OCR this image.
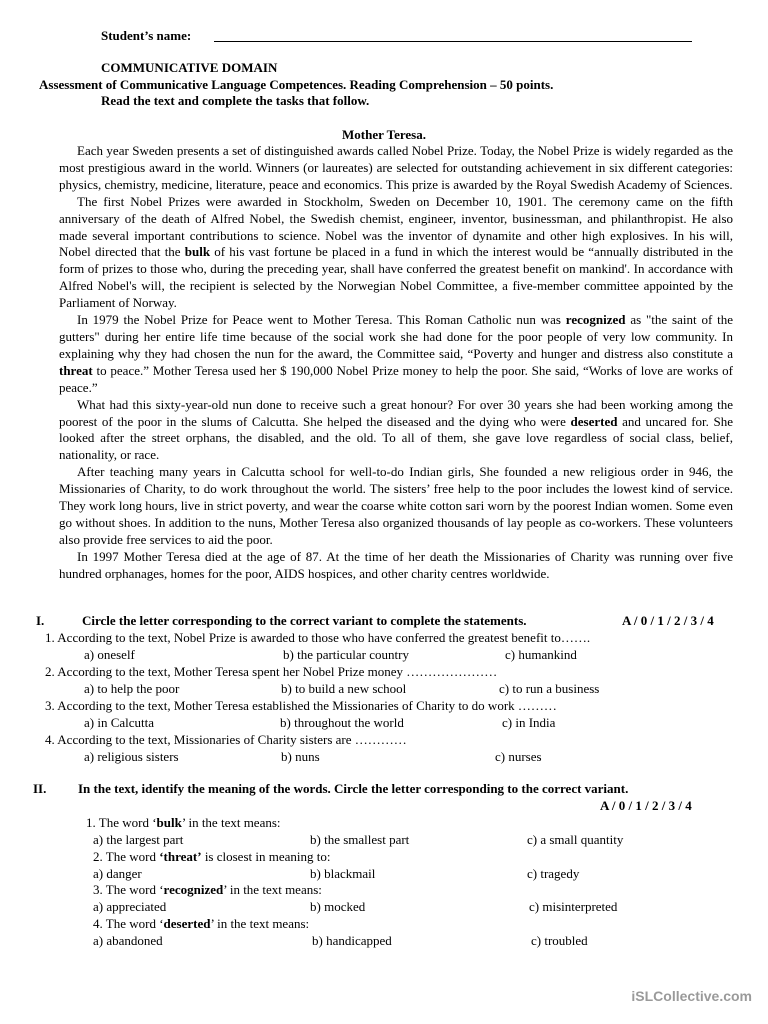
Student’s name:
COMMUNICATIVE DOMAIN
Assessment of Communicative Language Competences. Reading Comprehension – 50 points.
Read the text and complete the tasks that follow.
Mother Teresa.

Each year Sweden presents a set of distinguished awards called Nobel Prize. Today, the Nobel Prize is widely regarded as the most prestigious award in the world. Winners (or laureates) are selected for outstanding achievement in six different categories: physics, chemistry, medicine, literature, peace and economics. This prize is awarded by the Royal Swedish Academy of Sciences.

The first Nobel Prizes were awarded in Stockholm, Sweden on December 10, 1901. The ceremony came on the fifth anniversary of the death of Alfred Nobel, the Swedish chemist, engineer, inventor, businessman, and philanthropist. He also made several important contributions to science. Nobel was the inventor of dynamite and other high explosives. In his will, Nobel directed that the bulk of his vast fortune be placed in a fund in which the interest would be “annually distributed in the form of prizes to those who, during the preceding year, shall have conferred the greatest benefit on mankind'. In accordance with Alfred Nobel's will, the recipient is selected by the Norwegian Nobel Committee, a five-member committee appointed by the Parliament of Norway.

In 1979 the Nobel Prize for Peace went to Mother Teresa. This Roman Catholic nun was recognized as "the saint of the gutters" during her entire life time because of the social work she had done for the poor people of very low community. In explaining why they had chosen the nun for the award, the Committee said, “Poverty and hunger and distress also constitute a threat to peace.” Mother Teresa used her $ 190,000 Nobel Prize money to help the poor. She said, “Works of love are works of peace.”

What had this sixty-year-old nun done to receive such a great honour? For over 30 years she had been working among the poorest of the poor in the slums of Calcutta. She helped the diseased and the dying who were deserted and uncared for. She looked after the street orphans, the disabled, and the old. To all of them, she gave love regardless of social class, belief, nationality, or race.

After teaching many years in Calcutta school for well-to-do Indian girls, She founded a new religious order in 946, the Missionaries of Charity, to do work throughout the world. The sisters’ free help to the poor includes the lowest kind of service. They work long hours, live in strict poverty, and wear the coarse white cotton sari worn by the poorest Indian women. Some even go without shoes. In addition to the nuns, Mother Teresa also organized thousands of lay people as co-workers. These volunteers also provide free services to aid the poor.

In 1997 Mother Teresa died at the age of 87. At the time of her death the Missionaries of Charity was running over five hundred orphanages, homes for the poor, AIDS hospices, and other charity centres worldwide.

I.	Circle the letter corresponding to the correct variant to complete the statements.	A / 0 / 1 / 2 / 3 / 4
1. According to the text, Nobel Prize is awarded to those who have conferred the greatest benefit to…….
a) oneself	b) the particular country	c) humankind
2. According to the text, Mother Teresa spent her Nobel Prize money …………………
a) to help the poor	b) to build a new school	c) to run a business
3. According to the text, Mother Teresa established the Missionaries of Charity to do work ………
a) in Calcutta	b) throughout the world	c) in India
4. According to the text, Missionaries of Charity sisters are …………
a) religious sisters	b) nuns	c) nurses
II. In the text, identify the meaning of the words. Circle the letter corresponding to the correct variant.
A / 0 / 1 / 2 / 3 / 4
1. The word ‘bulk’ in the text means:
a) the largest part	b) the smallest part	c) a small quantity
2. The word ‘threat’ is closest in meaning to:
a) danger	b) blackmail	c) tragedy
3. The word ‘recognized’ in the text means:
a) appreciated	b) mocked	c) misinterpreted
4. The word ‘deserted’ in the text means:
a) abandoned	b) handicapped	c) troubled
iSLCollective.com
